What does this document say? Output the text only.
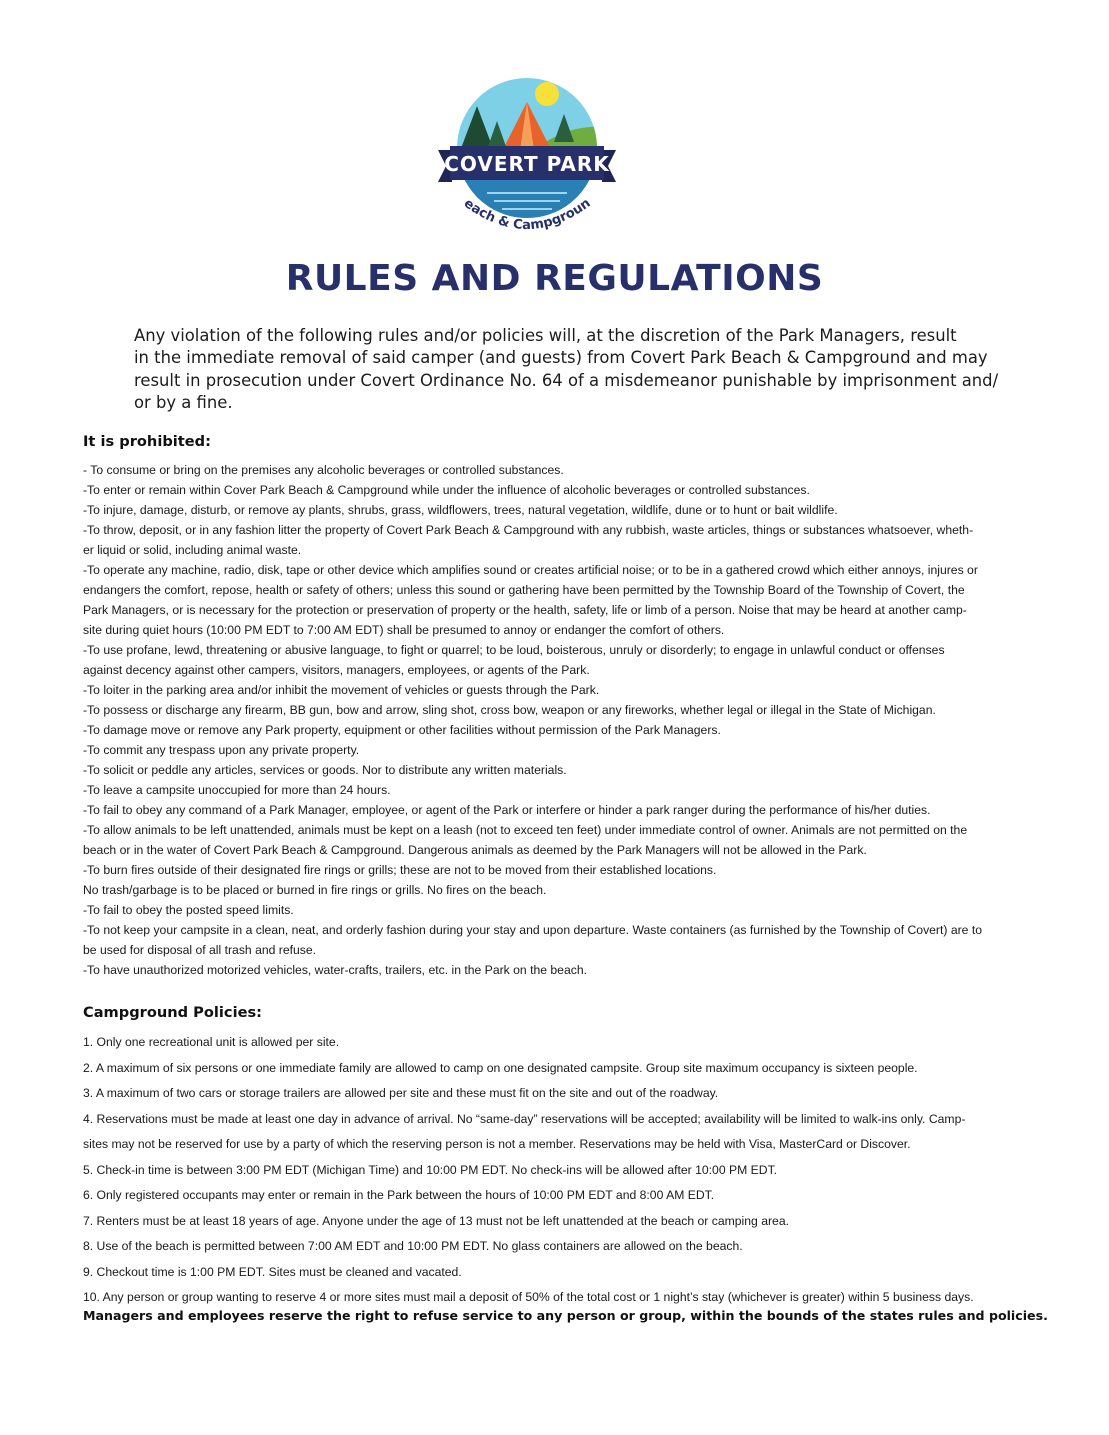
COVERT PARK
each & Campgroun
RULES AND REGULATIONS
Any violation of the following rules and/or policies will, at the discretion of the Park Managers, result
in the immediate removal of said camper (and guests) from Covert Park Beach & Campground and may
result in prosecution under Covert Ordinance No. 64 of a misdemeanor punishable by imprisonment and/
or by a fine.
It is prohibited:
- To consume or bring on the premises any alcoholic beverages or controlled substances.
-To enter or remain within Cover Park Beach & Campground while under the influence of alcoholic beverages or controlled substances.
-To injure, damage, disturb, or remove ay plants, shrubs, grass, wildflowers, trees, natural vegetation, wildlife, dune or to hunt or bait wildlife.
-To throw, deposit, or in any fashion litter the property of Covert Park Beach & Campground with any rubbish, waste articles, things or substances whatsoever, wheth-
er liquid or solid, including animal waste.
-To operate any machine, radio, disk, tape or other device which amplifies sound or creates artificial noise; or to be in a gathered crowd which either annoys, injures or
endangers the comfort, repose, health or safety of others; unless this sound or gathering have been permitted by the Township Board of the Township of Covert, the
Park Managers, or is necessary for the protection or preservation of property or the health, safety, life or limb of a person. Noise that may be heard at another camp-
site during quiet hours (10:00 PM EDT to 7:00 AM EDT) shall be presumed to annoy or endanger the comfort of others.
-To use profane, lewd, threatening or abusive language, to fight or quarrel; to be loud, boisterous, unruly or disorderly; to engage in unlawful conduct or offenses
against decency against other campers, visitors, managers, employees, or agents of the Park.
-To loiter in the parking area and/or inhibit the movement of vehicles or guests through the Park.
-To possess or discharge any firearm, BB gun, bow and arrow, sling shot, cross bow, weapon or any fireworks, whether legal or illegal in the State of Michigan.
-To damage move or remove any Park property, equipment or other facilities without permission of the Park Managers.
-To commit any trespass upon any private property.
-To solicit or peddle any articles, services or goods. Nor to distribute any written materials.
-To leave a campsite unoccupied for more than 24 hours.
-To fail to obey any command of a Park Manager, employee, or agent of the Park or interfere or hinder a park ranger during the performance of his/her duties.
-To allow animals to be left unattended, animals must be kept on a leash (not to exceed ten feet) under immediate control of owner. Animals are not permitted on the
beach or in the water of Covert Park Beach & Campground. Dangerous animals as deemed by the Park Managers will not be allowed in the Park.
-To burn fires outside of their designated fire rings or grills; these are not to be moved from their established locations.
No trash/garbage is to be placed or burned in fire rings or grills. No fires on the beach.
-To fail to obey the posted speed limits.
-To not keep your campsite in a clean, neat, and orderly fashion during your stay and upon departure. Waste containers (as furnished by the Township of Covert) are to
be used for disposal of all trash and refuse.
-To have unauthorized motorized vehicles, water-crafts, trailers, etc. in the Park on the beach.
Campground Policies:
1. Only one recreational unit is allowed per site.
2. A maximum of six persons or one immediate family are allowed to camp on one designated campsite. Group site maximum occupancy is sixteen people.
3. A maximum of two cars or storage trailers are allowed per site and these must fit on the site and out of the roadway.
4. Reservations must be made at least one day in advance of arrival. No “same-day” reservations will be accepted; availability will be limited to walk-ins only. Camp-
sites may not be reserved for use by a party of which the reserving person is not a member. Reservations may be held with Visa, MasterCard or Discover.
5. Check-in time is between 3:00 PM EDT (Michigan Time) and 10:00 PM EDT. No check-ins will be allowed after 10:00 PM EDT.
6. Only registered occupants may enter or remain in the Park between the hours of 10:00 PM EDT and 8:00 AM EDT.
7. Renters must be at least 18 years of age. Anyone under the age of 13 must not be left unattended at the beach or camping area.
8. Use of the beach is permitted between 7:00 AM EDT and 10:00 PM EDT. No glass containers are allowed on the beach.
9. Checkout time is 1:00 PM EDT. Sites must be cleaned and vacated.
10. Any person or group wanting to reserve 4 or more sites must mail a deposit of 50% of the total cost or 1 night’s stay (whichever is greater) within 5 business days.
Managers and employees reserve the right to refuse service to any person or group, within the bounds of the states rules and policies.
